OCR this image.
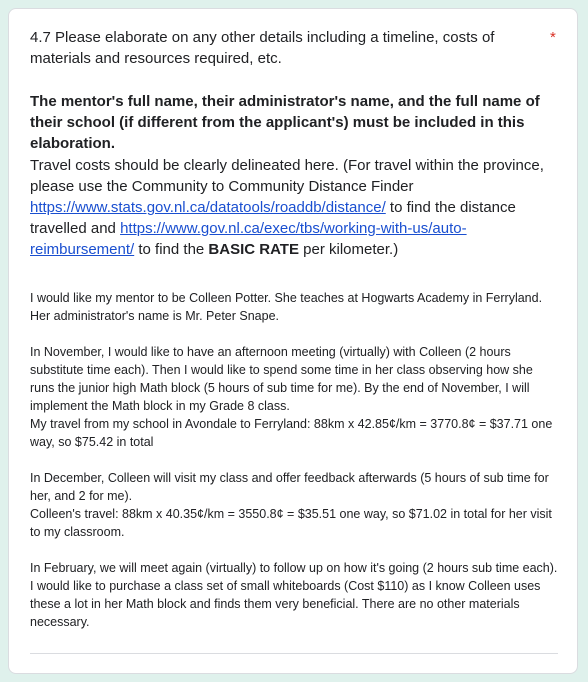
4.7 Please elaborate on any other details including a timeline, costs of materials and resources required, etc.
*
The mentor's full name, their administrator's name, and the full name of their school (if different from the applicant's) must be included in this elaboration.
Travel costs should be clearly delineated here. (For travel within the province, please use the Community to Community Distance Finder https://www.stats.gov.nl.ca/datatools/roaddb/distance/ to find the distance travelled and https://www.gov.nl.ca/exec/tbs/working-with-us/auto-reimbursement/ to find the BASIC RATE per kilometer.)

I would like my mentor to be Colleen Potter. She teaches at Hogwarts Academy in Ferryland. Her administrator's name is Mr. Peter Snape.

In November, I would like to have an afternoon meeting (virtually) with Colleen (2 hours substitute time each). Then I would like to spend some time in her class observing how she runs the junior high Math block (5 hours of sub time for me). By the end of November, I will implement the Math block in my Grade 8 class.

My travel from my school in Avondale to Ferryland: 88km x 42.85¢/km = 3770.8¢ = $37.71 one way, so $75.42 in total

In December, Colleen will visit my class and offer feedback afterwards (5 hours of sub time for her, and 2 for me).

Colleen's travel: 88km x 40.35¢/km = 3550.8¢ = $35.51 one way, so $71.02 in total for her visit to my classroom.

In February, we will meet again (virtually) to follow up on how it's going (2 hours sub time each).

I would like to purchase a class set of small whiteboards (Cost $110) as I know Colleen uses these a lot in her Math block and finds them very beneficial. There are no other materials necessary.
